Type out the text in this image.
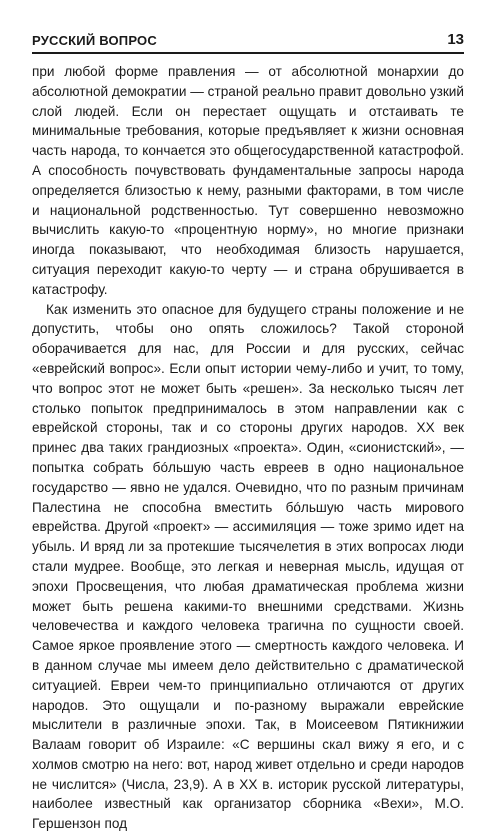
РУССКИЙ ВОПРОС	13

при любой форме правления — от абсолютной монархии до абсолютной демократии — страной реально правит довольно узкий слой людей. Если он перестает ощущать и отстаивать те минимальные требования, которые предъявляет к жизни основная часть народа, то кончается это общегосударственной катастрофой. А способность почувствовать фундаментальные запросы народа определяется близостью к нему, разными факторами, в том числе и национальной родственностью. Тут совершенно невозможно вычислить какую-то «процентную норму», но многие признаки иногда показывают, что необходимая близость нарушается, ситуация переходит какую-то черту — и страна обрушивается в катастрофу.

Как изменить это опасное для будущего страны положение и не допустить, чтобы оно опять сложилось? Такой стороной оборачивается для нас, для России и для русских, сейчас «еврейский вопрос». Если опыт истории чему-либо и учит, то тому, что вопрос этот не может быть «решен». За несколько тысяч лет столько попыток предпринималось в этом направлении как с еврейской стороны, так и со стороны других народов. XX век принес два таких грандиозных «проекта». Один, «сионистский», — попытка собрать бóльшую часть евреев в одно национальное государство — явно не удался. Очевидно, что по разным причинам Палестина не способна вместить бóльшую часть мирового еврейства. Другой «проект» — ассимиляция — тоже зримо идет на убыль. И вряд ли за протекшие тысячелетия в этих вопросах люди стали мудрее. Вообще, это легкая и неверная мысль, идущая от эпохи Просвещения, что любая драматическая проблема жизни может быть решена какими-то внешними средствами. Жизнь человечества и каждого человека трагична по сущности своей. Самое яркое проявление этого — смертность каждого человека. И в данном случае мы имеем дело действительно с драматической ситуацией. Евреи чем-то принципиально отличаются от других народов. Это ощущали и по-разному выражали еврейские мыслители в различные эпохи. Так, в Моисеевом Пятикнижии Валаам говорит об Израиле: «С вершины скал вижу я его, и с холмов смотрю на него: вот, народ живет отдельно и среди народов не числится» (Числа, 23,9). А в XX в. историк русской литературы, наиболее известный как организатор сборника «Вехи», М.О. Гершензон под
